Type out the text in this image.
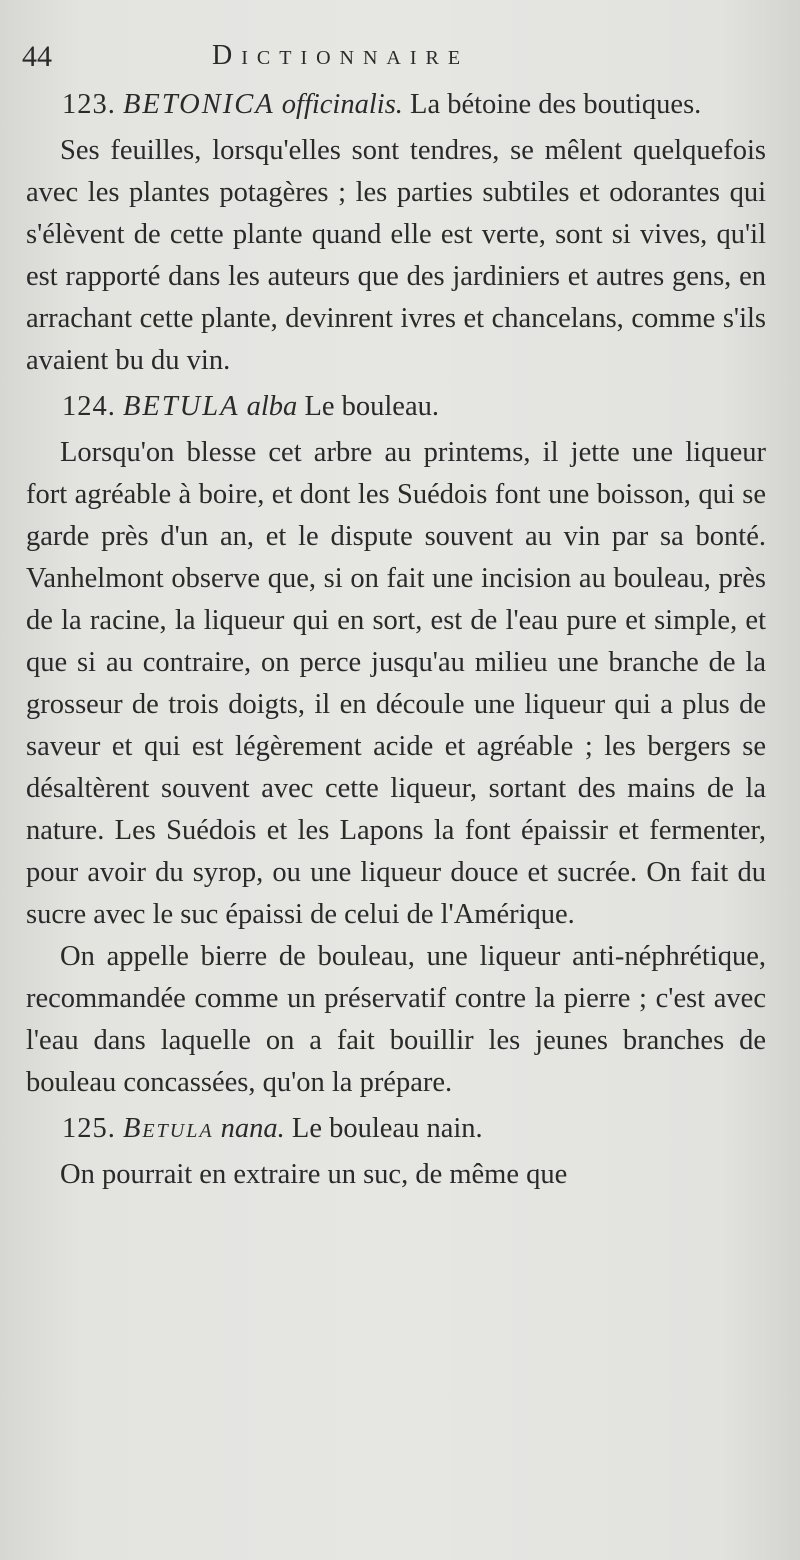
44	Dictionnaire

123. BETONICA officinalis. La bétoine des boutiques.

Ses feuilles, lorsqu'elles sont tendres, se mêlent quelquefois avec les plantes potagères ; les parties subtiles et odorantes qui s'élèvent de cette plante quand elle est verte, sont si vives, qu'il est rapporté dans les auteurs que des jardiniers et autres gens, en arrachant cette plante, devinrent ivres et chancelans, comme s'ils avaient bu du vin.

124. BETULA alba Le bouleau.

Lorsqu'on blesse cet arbre au printems, il jette une liqueur fort agréable à boire, et dont les Suédois font une boisson, qui se garde près d'un an, et le dispute souvent au vin par sa bonté. Vanhelmont observe que, si on fait une incision au bouleau, près de la racine, la liqueur qui en sort, est de l'eau pure et simple, et que si au contraire, on perce jusqu'au milieu une branche de la grosseur de trois doigts, il en découle une liqueur qui a plus de saveur et qui est légèrement acide et agréable ; les bergers se désaltèrent souvent avec cette liqueur, sortant des mains de la nature. Les Suédois et les Lapons la font épaissir et fermenter, pour avoir du syrop, ou une liqueur douce et sucrée. On fait du sucre avec le suc épaissi de celui de l'Amérique.

On appelle bierre de bouleau, une liqueur anti-néphrétique, recommandée comme un préservatif contre la pierre ; c'est avec l'eau dans laquelle on a fait bouillir les jeunes branches de bouleau concassées, qu'on la prépare.

125. Betula nana. Le bouleau nain.

On pourrait en extraire un suc, de même que
